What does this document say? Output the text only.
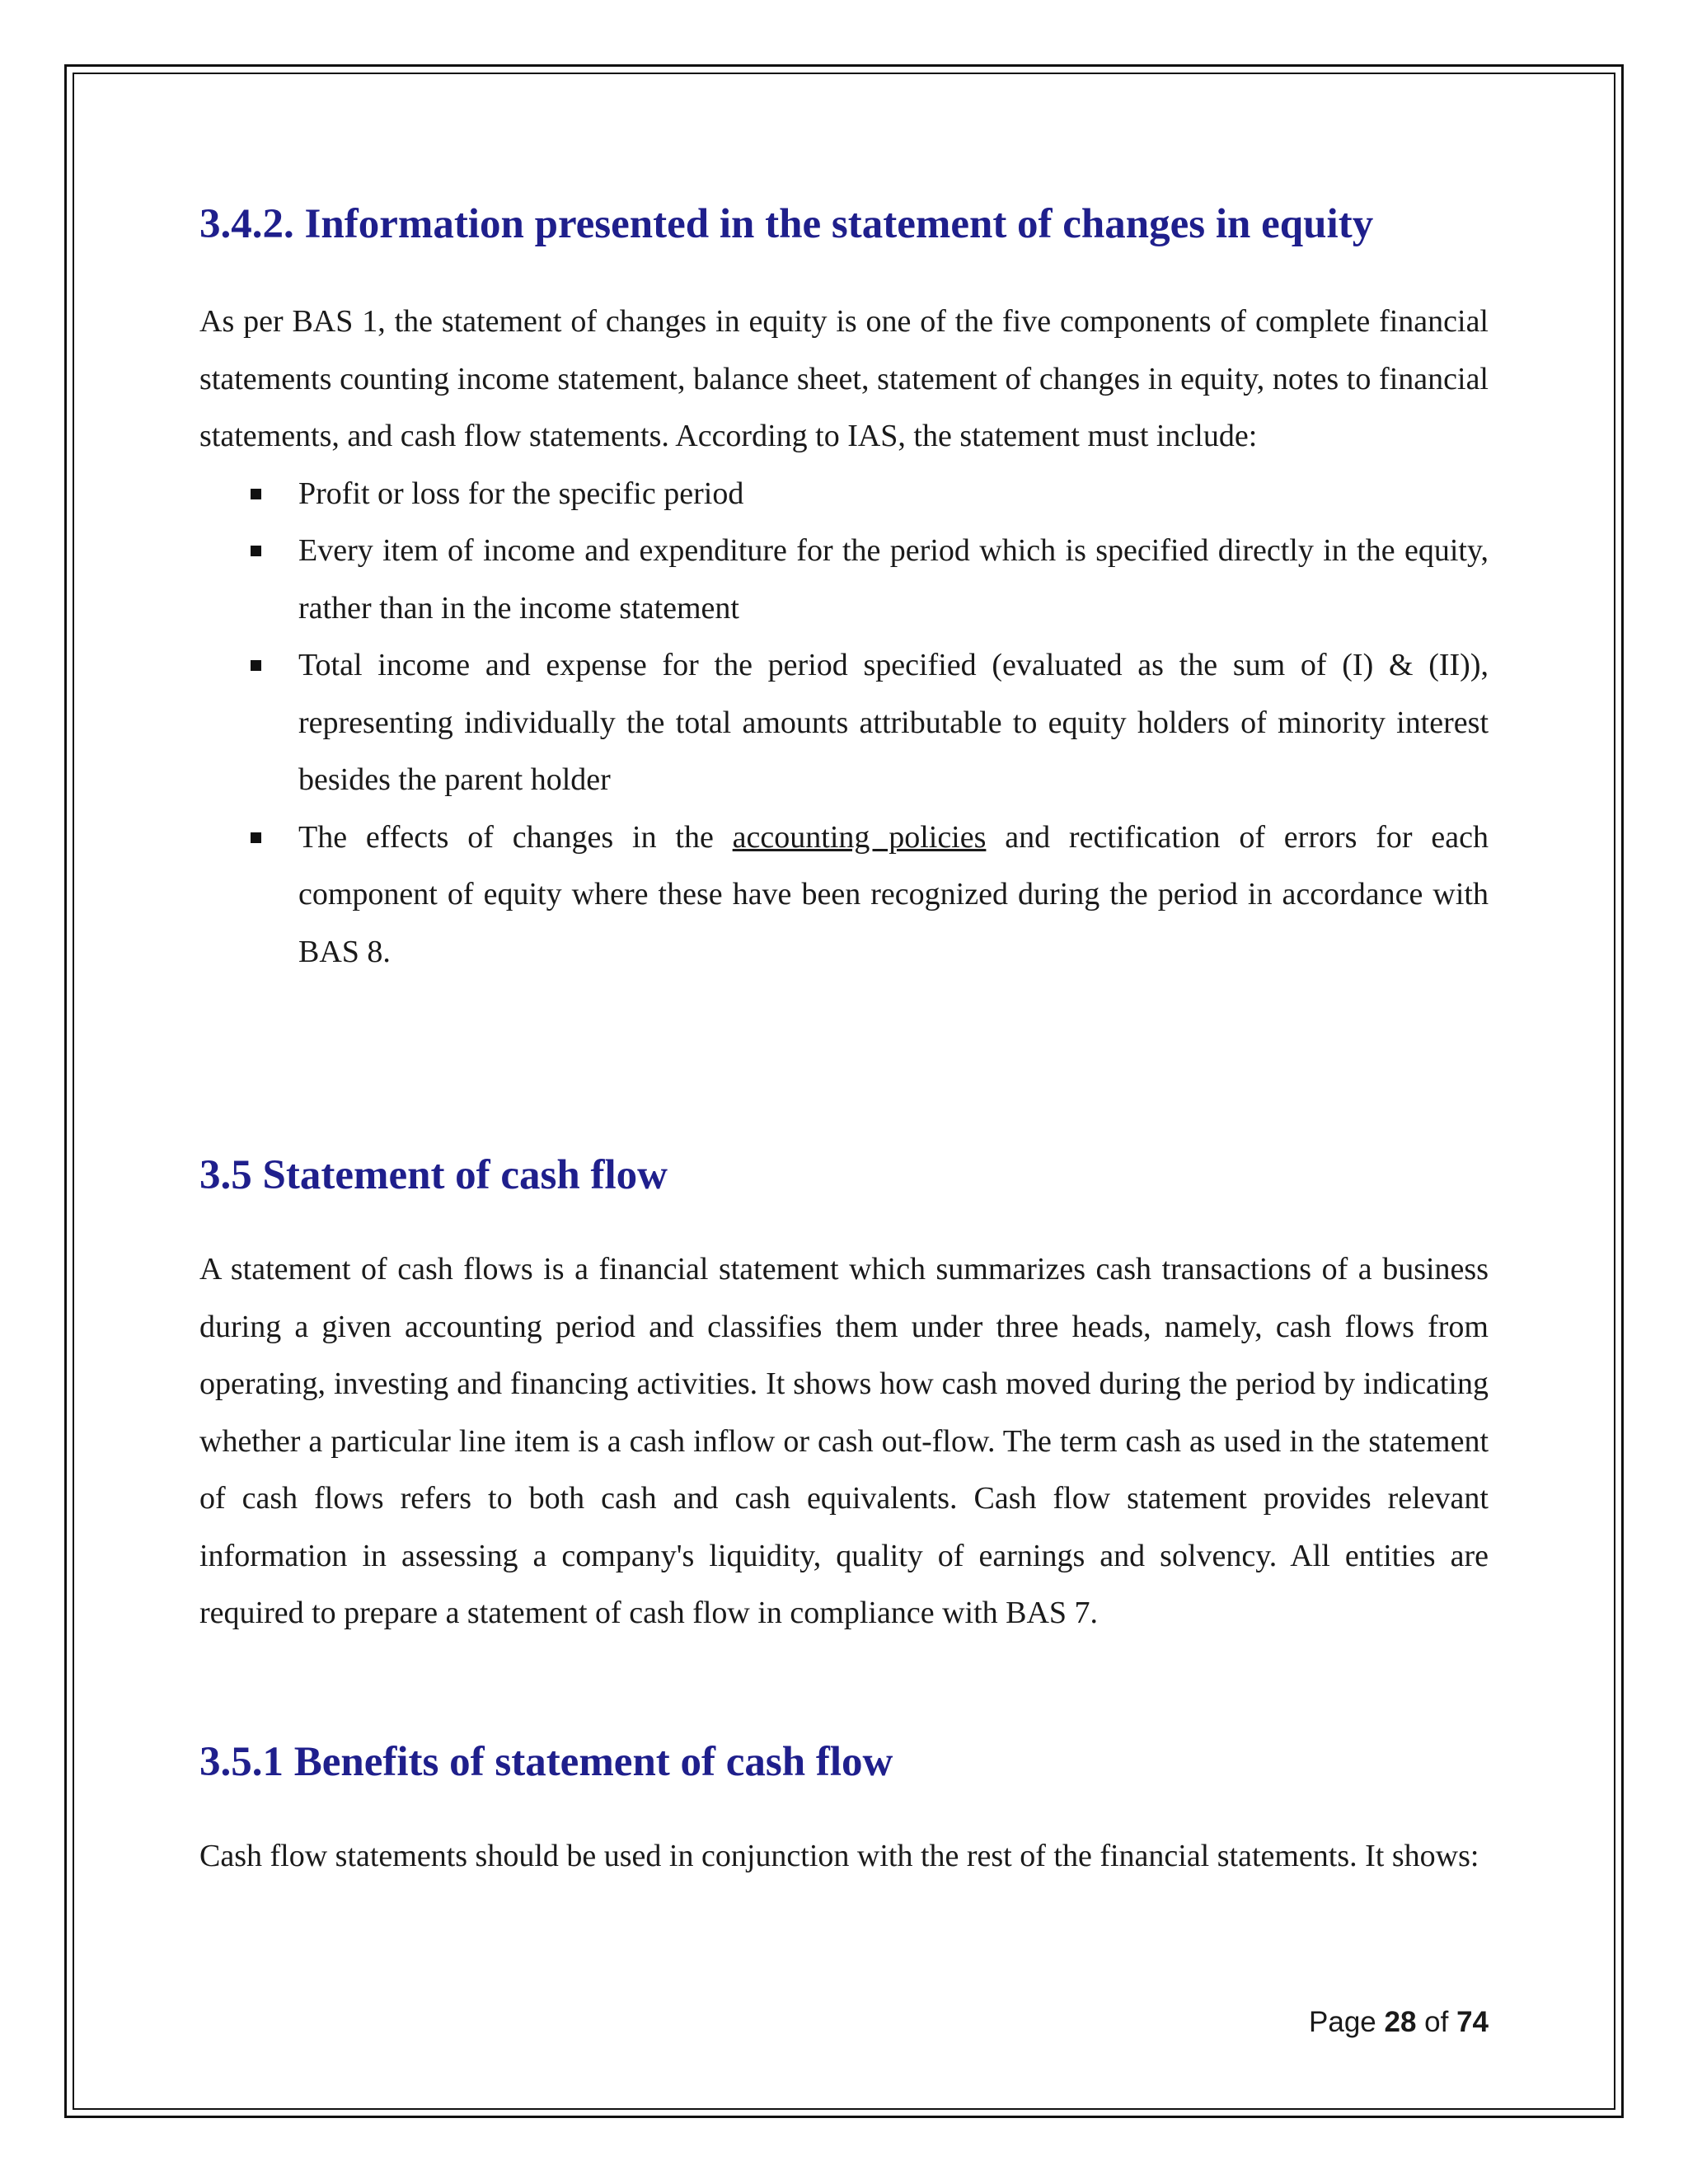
3.4.2. Information presented in the statement of changes in equity

As per BAS 1, the statement of changes in equity is one of the five components of complete financial statements counting income statement, balance sheet, statement of changes in equity, notes to financial statements, and cash flow statements. According to IAS, the statement must include:

Profit or loss for the specific period
Every item of income and expenditure for the period which is specified directly in the equity, rather than in the income statement
Total income and expense for the period specified (evaluated as the sum of (I) & (II)), representing individually the total amounts attributable to equity holders of minority interest besides the parent holder
The effects of changes in the accounting policies and rectification of errors for each component of equity where these have been recognized during the period in accordance with BAS 8.
3.5 Statement of cash flow

A statement of cash flows is a financial statement which summarizes cash transactions of a business during a given accounting period and classifies them under three heads, namely, cash flows from operating, investing and financing activities. It shows how cash moved during the period by indicating whether a particular line item is a cash inflow or cash out-flow. The term cash as used in the statement of cash flows refers to both cash and cash equivalents. Cash flow statement provides relevant information in assessing a company's liquidity, quality of earnings and solvency. All entities are required to prepare a statement of cash flow in compliance with BAS 7.

3.5.1 Benefits of statement of cash flow

Cash flow statements should be used in conjunction with the rest of the financial statements. It shows:

Page 28 of 74
